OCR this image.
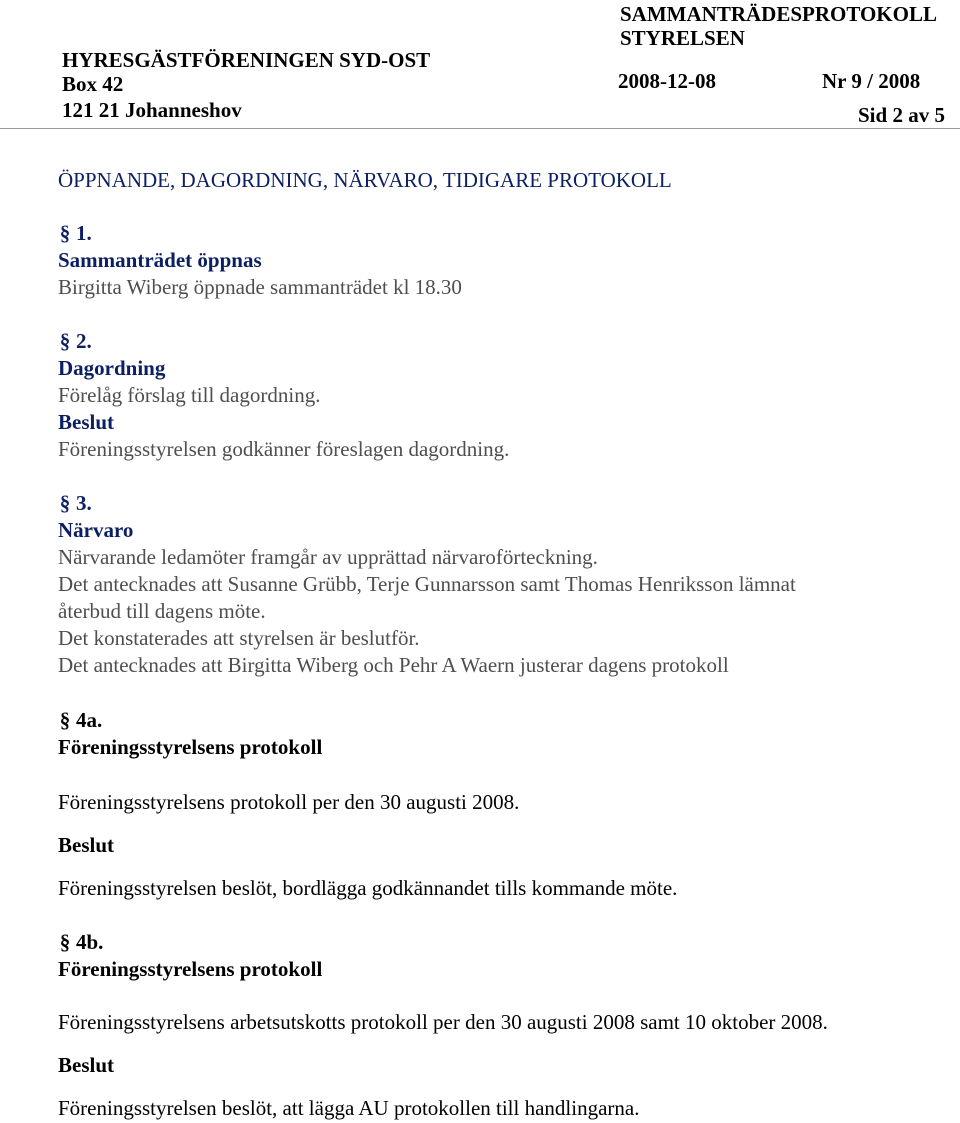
SAMMANTRÄDESPROTOKOLL
STYRELSEN
HYRESGÄSTFÖRENINGEN SYD-OST
Box 42	2008-12-08	Nr 9 / 2008
121 21 Johanneshov	Sid 2 av 5
ÖPPNANDE, DAGORDNING, NÄRVARO, TIDIGARE PROTOKOLL
§ 1.
Sammanträdet öppnas
Birgitta Wiberg öppnade sammanträdet kl 18.30
§ 2.
Dagordning
Förelåg förslag till dagordning.
Beslut
Föreningsstyrelsen godkänner föreslagen dagordning.
§ 3.
Närvaro
Närvarande ledamöter framgår av upprättad närvaroförteckning.
Det antecknades att Susanne Grübb, Terje Gunnarsson samt Thomas Henriksson lämnat
återbud till dagens möte.
Det konstaterades att styrelsen är beslutför.
Det antecknades att Birgitta Wiberg och Pehr A Waern justerar dagens protokoll
§ 4a.
Föreningsstyrelsens protokoll
Föreningsstyrelsens protokoll per den 30 augusti 2008.
Beslut
Föreningsstyrelsen beslöt, bordlägga godkännandet tills kommande möte.
§ 4b.
Föreningsstyrelsens protokoll
Föreningsstyrelsens arbetsutskotts protokoll per den 30 augusti 2008 samt 10 oktober 2008.
Beslut
Föreningsstyrelsen beslöt, att lägga AU protokollen till handlingarna.
